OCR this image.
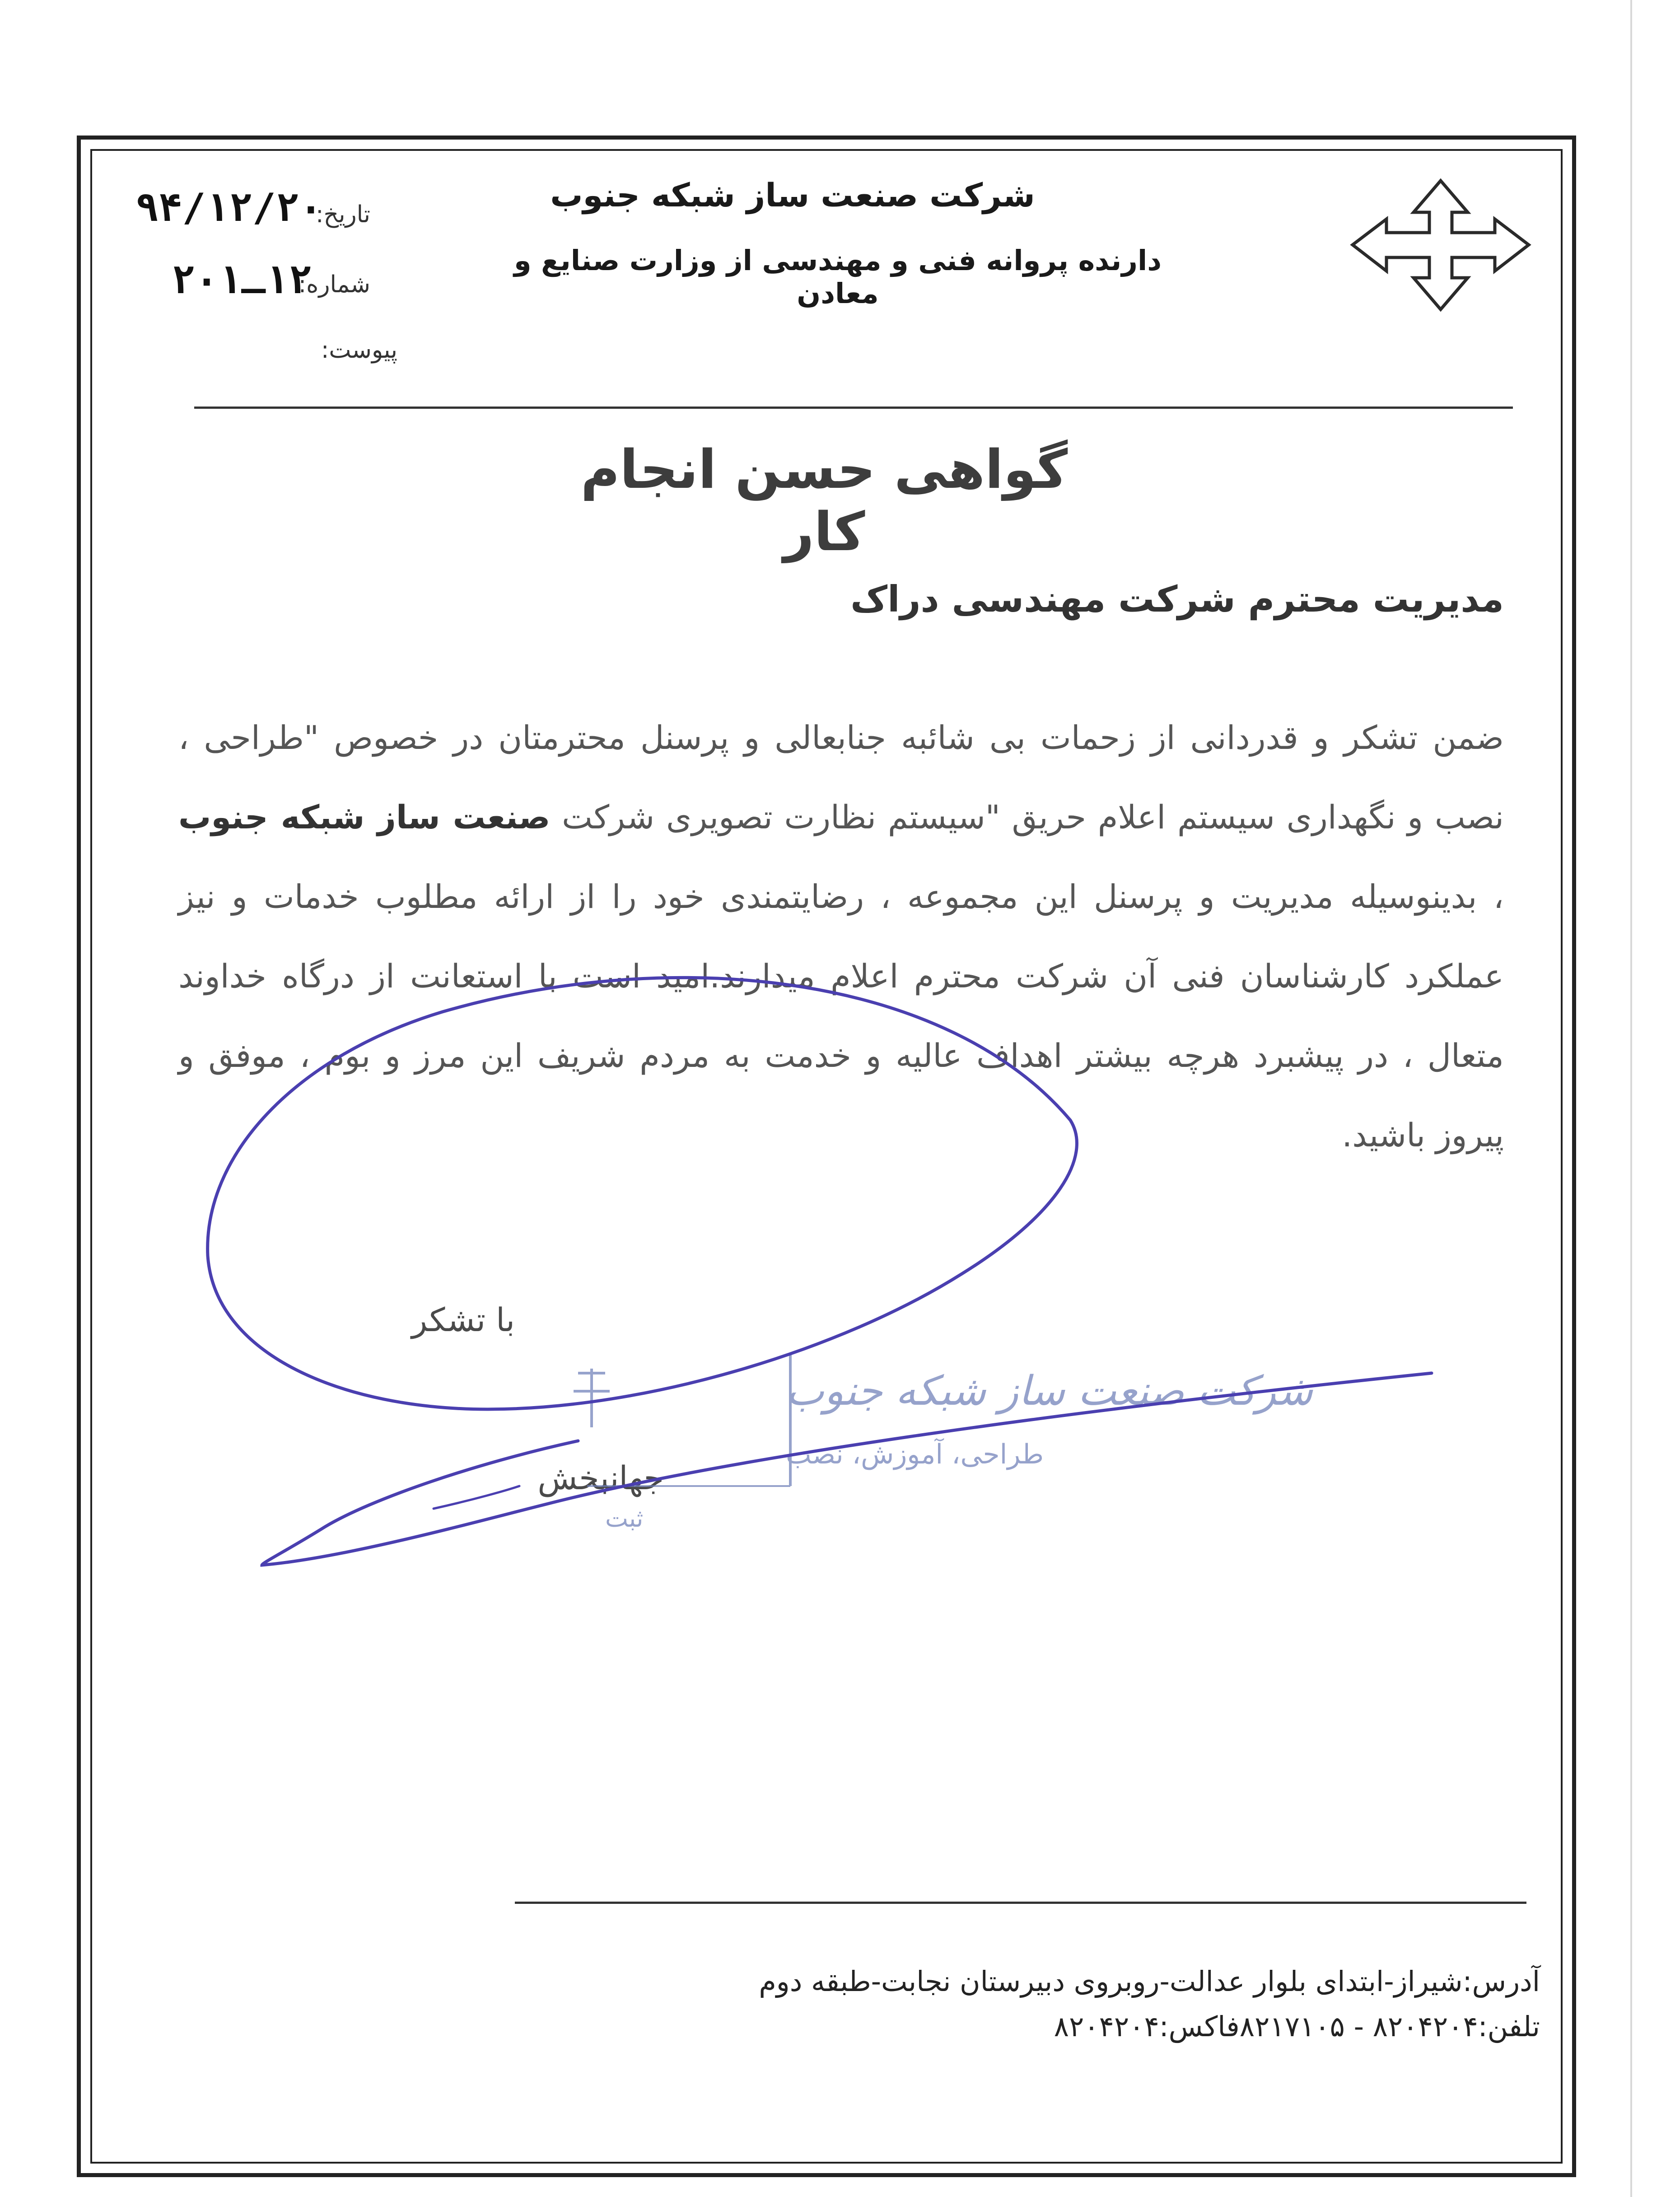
شرکت صنعت ساز شبکه جنوب
دارنده پروانه فنی و مهندسی از وزارت صنایع و معادن
تاریخ:
۹۴/۱۲/۲۰
شماره:
۱۲ـ۲۰۱
پیوست:
گواهی حسن انجام کار
مدیریت محترم شرکت مهندسی دراک
ضمن تشکر و قدردانی از زحمات بی شائبه جنابعالی و پرسنل محترمتان در خصوص "طراحی ، نصب و نگهداری سیستم اعلام حریق "سیستم نظارت تصویری شرکت صنعت ساز شبکه جنوب ، بدینوسیله مدیریت و پرسنل این مجموعه ، رضایتمندی خود را از ارائه مطلوب خدمات و نیز عملکرد کارشناسان فنی آن شرکت محترم اعلام میدارند.امید است با استعانت از درگاه خداوند متعال ، در پیشبرد هرچه بیشتر اهداف عالیه و خدمت به مردم شریف این مرز و بوم ، موفق و پیروز باشید.
با تشکر
جهانبخش
شرکت صنعت ساز شبکه جنوب
طراحی، آموزش، نصب
ثبت
آدرس:شیراز-ابتدای بلوار عدالت-روبروی دبیرستان نجابت-طبقه دوم
تلفن:۸۲۰۴۲۰۴ - ۸۲۱۷۱۰۵فاکس:۸۲۰۴۲۰۴
